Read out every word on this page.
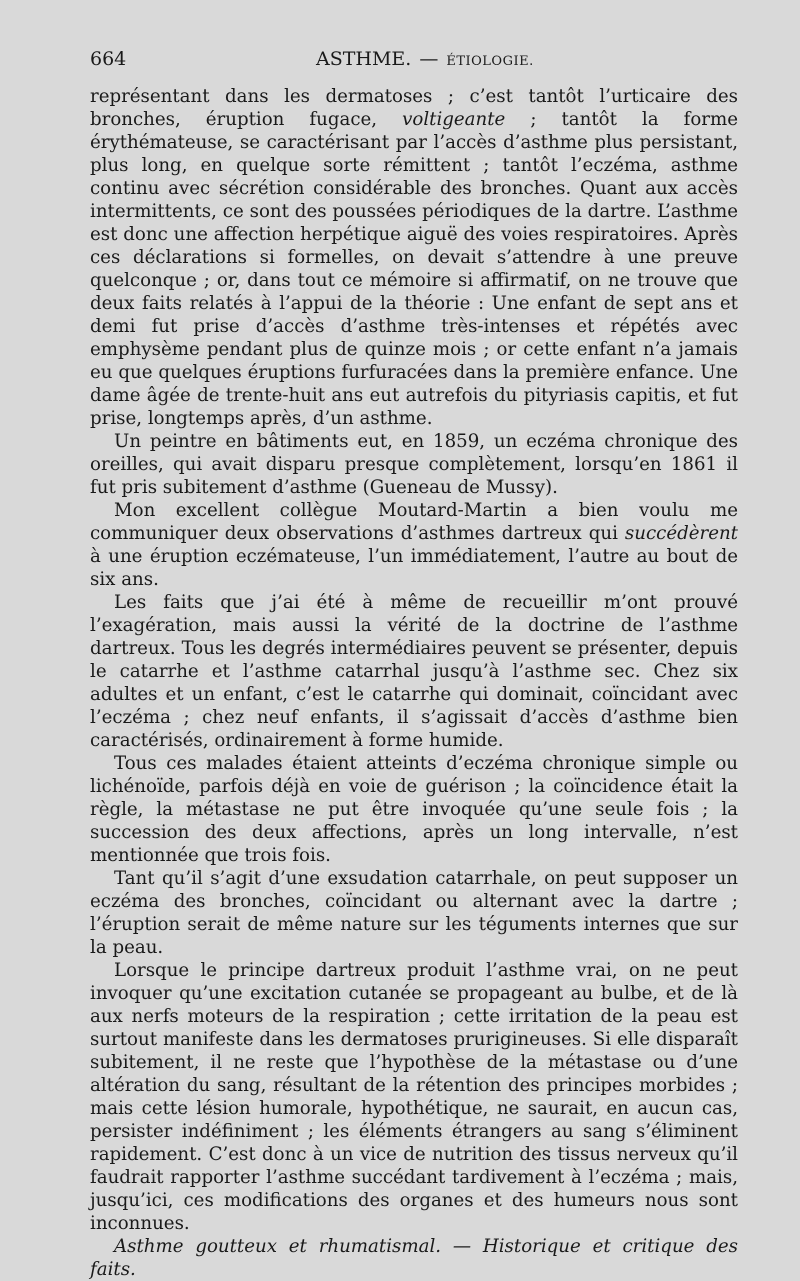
664	ASTHME. — ÉTIOLOGIE.

représentant dans les dermatoses ; c’est tantôt l’urticaire des bronches, éruption fugace, voltigeante ; tantôt la forme érythémateuse, se caractérisant par l’accès d’asthme plus persistant, plus long, en quelque sorte rémittent ; tantôt l’eczéma, asthme continu avec sécrétion considérable des bronches. Quant aux accès intermittents, ce sont des poussées périodiques de la dartre. L’asthme est donc une affection herpétique aiguë des voies respiratoires. Après ces déclarations si formelles, on devait s’attendre à une preuve quelconque ; or, dans tout ce mémoire si affirmatif, on ne trouve que deux faits relatés à l’appui de la théorie : Une enfant de sept ans et demi fut prise d’accès d’asthme très-intenses et répétés avec emphysème pendant plus de quinze mois ; or cette enfant n’a jamais eu que quelques éruptions furfuracées dans la première enfance. Une dame âgée de trente-huit ans eut autrefois du pityriasis capitis, et fut prise, longtemps après, d’un asthme.

Un peintre en bâtiments eut, en 1859, un eczéma chronique des oreilles, qui avait disparu presque complètement, lorsqu’en 1861 il fut pris subitement d’asthme (Gueneau de Mussy).

Mon excellent collègue Moutard-Martin a bien voulu me communiquer deux observations d’asthmes dartreux qui succédèrent à une éruption eczémateuse, l’un immédiatement, l’autre au bout de six ans.

Les faits que j’ai été à même de recueillir m’ont prouvé l’exagération, mais aussi la vérité de la doctrine de l’asthme dartreux. Tous les degrés intermédiaires peuvent se présenter, depuis le catarrhe et l’asthme catarrhal jusqu’à l’asthme sec. Chez six adultes et un enfant, c’est le catarrhe qui dominait, coïncidant avec l’eczéma ; chez neuf enfants, il s’agissait d’accès d’asthme bien caractérisés, ordinairement à forme humide.

Tous ces malades étaient atteints d’eczéma chronique simple ou lichénoïde, parfois déjà en voie de guérison ; la coïncidence était la règle, la métastase ne put être invoquée qu’une seule fois ; la succession des deux affections, après un long intervalle, n’est mentionnée que trois fois.

Tant qu’il s’agit d’une exsudation catarrhale, on peut supposer un eczéma des bronches, coïncidant ou alternant avec la dartre ; l’éruption serait de même nature sur les téguments internes que sur la peau.

Lorsque le principe dartreux produit l’asthme vrai, on ne peut invoquer qu’une excitation cutanée se propageant au bulbe, et de là aux nerfs moteurs de la respiration ; cette irritation de la peau est surtout manifeste dans les dermatoses prurigineuses. Si elle disparaît subitement, il ne reste que l’hypothèse de la métastase ou d’une altération du sang, résultant de la rétention des principes morbides ; mais cette lésion humorale, hypothétique, ne saurait, en aucun cas, persister indéfiniment ; les éléments étrangers au sang s’éliminent rapidement. C’est donc à un vice de nutrition des tissus nerveux qu’il faudrait rapporter l’asthme succédant tardivement à l’eczéma ; mais, jusqu’ici, ces modifications des organes et des humeurs nous sont inconnues.

Asthme goutteux et rhumatismal. — Historique et critique des faits.
